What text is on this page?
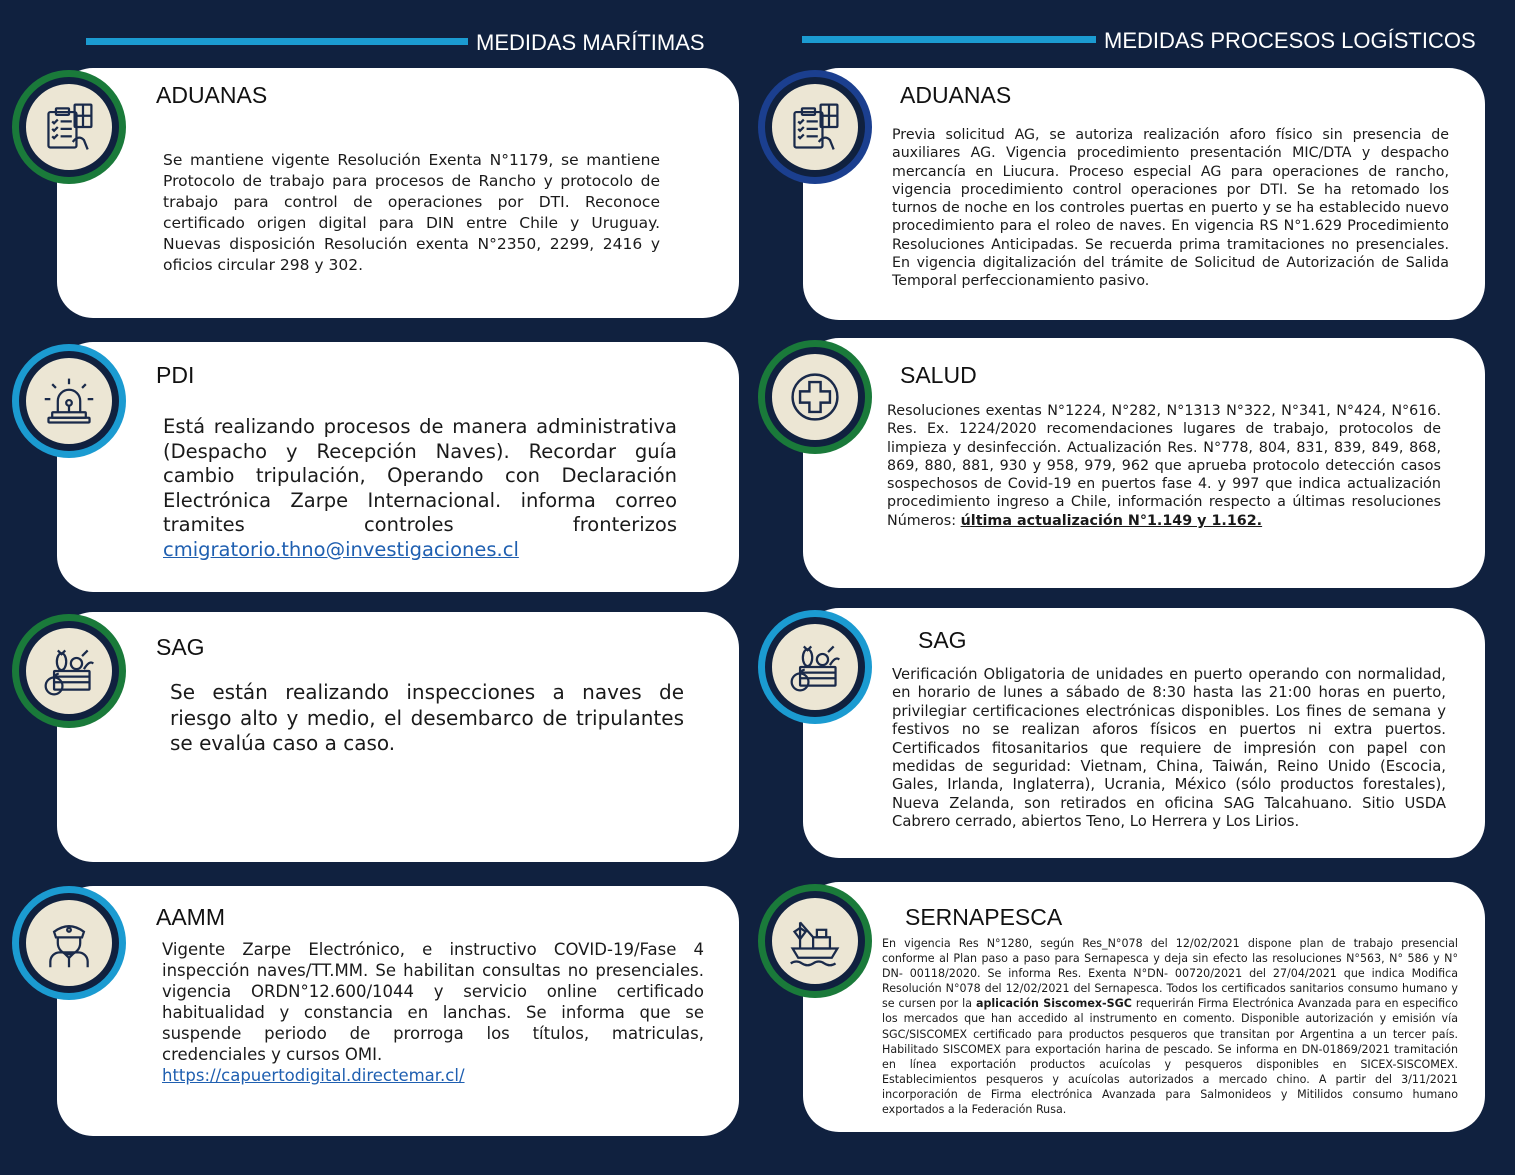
MEDIDAS MARÍTIMAS	MEDIDAS PROCESOS LOGÍSTICOS
ADUANAS
Se mantiene vigente Resolución Exenta N°1179, se mantiene Protocolo de trabajo para procesos de Rancho y protocolo de trabajo para control de operaciones por DTI. Reconoce certificado origen digital para DIN entre Chile y Uruguay. Nuevas disposición Resolución exenta N°2350, 2299, 2416 y oficios circular 298 y 302.
PDI
Está realizando procesos de manera administrativa (Despacho y Recepción Naves). Recordar guía cambio tripulación, Operando con Declaración Electrónica Zarpe Internacional. informa correo tramites controles fronterizos cmigratorio.thno@investigaciones.cl
SAG
Se están realizando inspecciones a naves de riesgo alto y medio, el desembarco de tripulantes se evalúa caso a caso.
AAMM
Vigente Zarpe Electrónico, e instructivo COVID-19/Fase 4 inspección naves/TT.MM. Se habilitan consultas no presenciales. vigencia ORDN°12.600/1044 y servicio online certificado habitualidad y constancia en lanchas. Se informa que se suspende periodo de prorroga los títulos, matriculas, credenciales y cursos OMI.
https://capuertodigital.directemar.cl/
ADUANAS
Previa solicitud AG, se autoriza realización aforo físico sin presencia de auxiliares AG. Vigencia procedimiento presentación MIC/DTA y despacho mercancía en Liucura. Proceso especial AG para operaciones de rancho, vigencia procedimiento control operaciones por DTI. Se ha retomado los turnos de noche en los controles puertas en puerto y se ha establecido nuevo procedimiento para el roleo de naves. En vigencia RS N°1.629 Procedimiento Resoluciones Anticipadas. Se recuerda prima tramitaciones no presenciales. En vigencia digitalización del trámite de Solicitud de Autorización de Salida Temporal perfeccionamiento pasivo.
SALUD
Resoluciones exentas N°1224, N°282, N°1313 N°322, N°341, N°424, N°616. Res. Ex. 1224/2020 recomendaciones lugares de trabajo, protocolos de limpieza y desinfección. Actualización Res. N°778, 804, 831, 839, 849, 868, 869, 880, 881, 930 y 958, 979, 962 que aprueba protocolo detección casos sospechosos de Covid-19 en puertos fase 4. y 997 que indica actualización procedimiento ingreso a Chile, información respecto a últimas resoluciones Números: última actualización N°1.149 y 1.162.
SAG
Verificación Obligatoria de unidades en puerto operando con normalidad, en horario de lunes a sábado de 8:30 hasta las 21:00 horas en puerto, privilegiar certificaciones electrónicas disponibles. Los fines de semana y festivos no se realizan aforos físicos en puertos ni extra puertos. Certificados fitosanitarios que requiere de impresión con papel con medidas de seguridad: Vietnam, China, Taiwán, Reino Unido (Escocia, Gales, Irlanda, Inglaterra), Ucrania, México (sólo productos forestales), Nueva Zelanda, son retirados en oficina SAG Talcahuano. Sitio USDA Cabrero cerrado, abiertos Teno, Lo Herrera y Los Lirios.
SERNAPESCA
En vigencia Res N°1280, según Res_N°078 del 12/02/2021 dispone plan de trabajo presencial conforme al Plan paso a paso para Sernapesca y deja sin efecto las resoluciones N°563, N° 586 y N° DN- 00118/2020. Se informa Res. Exenta N°DN- 00720/2021 del 27/04/2021 que indica Modifica Resolución N°078 del 12/02/2021 del Sernapesca. Todos los certificados sanitarios consumo humano y se cursen por la aplicación Siscomex-SGC requerirán Firma Electrónica Avanzada para en especifico los mercados que han accedido al instrumento en comento. Disponible autorización y emisión vía SGC/SISCOMEX certificado para productos pesqueros que transitan por Argentina a un tercer país. Habilitado SISCOMEX para exportación harina de pescado. Se informa en DN-01869/2021 tramitación en línea exportación productos acuícolas y pesqueros disponibles en SICEX-SISCOMEX. Establecimientos pesqueros y acuícolas autorizados a mercado chino. A partir del 3/11/2021 incorporación de Firma electrónica Avanzada para Salmonideos y Mitilidos consumo humano exportados a la Federación Rusa.
